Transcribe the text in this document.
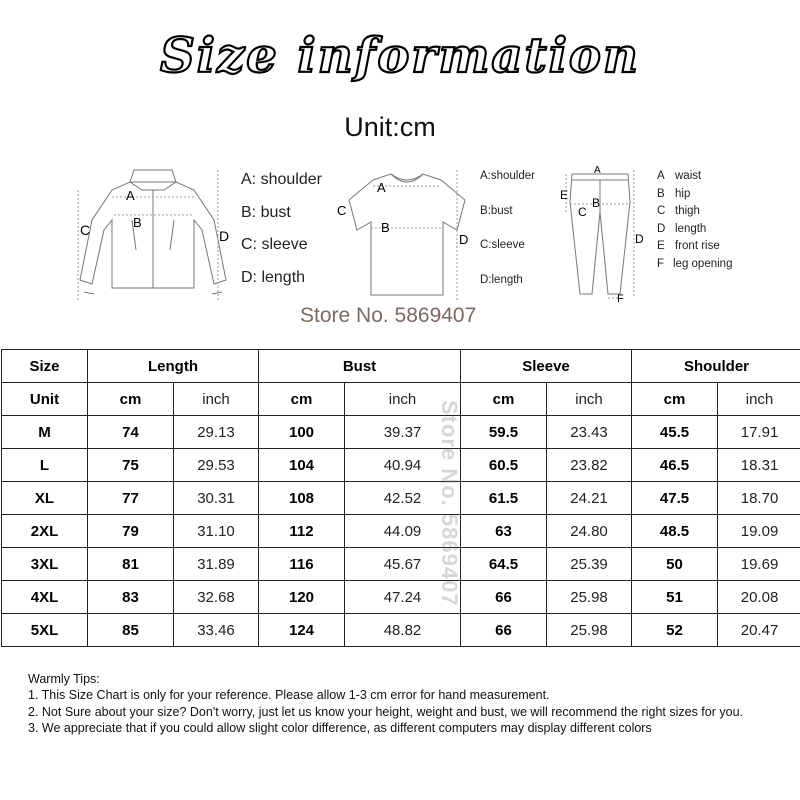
Size information
Unit:cm
A
B
C	D
A: shoulder
B: bust
C: sleeve
D: length
A
B
C
D
A:shoulder
B:bust
C:sleeve
D:length
A
B
C
D
E
F
A waist
B hip
C thigh
D length
E front rise
F leg opening
Store No. 5869407
Size	Length		Bust		Sleeve		Shoulder	
Unit	cm	inch	cm	inch	cm	inch	cm	inch
M	74	29.13	100	39.37	59.5	23.43	45.5	17.91
L	75	29.53	104	40.94	60.5	23.82	46.5	18.31
XL	77	30.31	108	42.52	61.5	24.21	47.5	18.70
2XL	79	31.10	112	44.09	63	24.80	48.5	19.09
3XL	81	31.89	116	45.67	64.5	25.39	50	19.69
4XL	83	32.68	120	47.24	66	25.98	51	20.08
5XL	85	33.46	124	48.82	66	25.98	52	20.47
Store No. 5869407
Warmly Tips:
1. This Size Chart is only for your reference. Please allow 1-3 cm error for hand measurement.
2. Not Sure about your size? Don't worry, just let us know your height, weight and bust, we will recommend the right sizes for you.
3. We appreciate that if you could allow slight color difference, as different computers may display different colors
